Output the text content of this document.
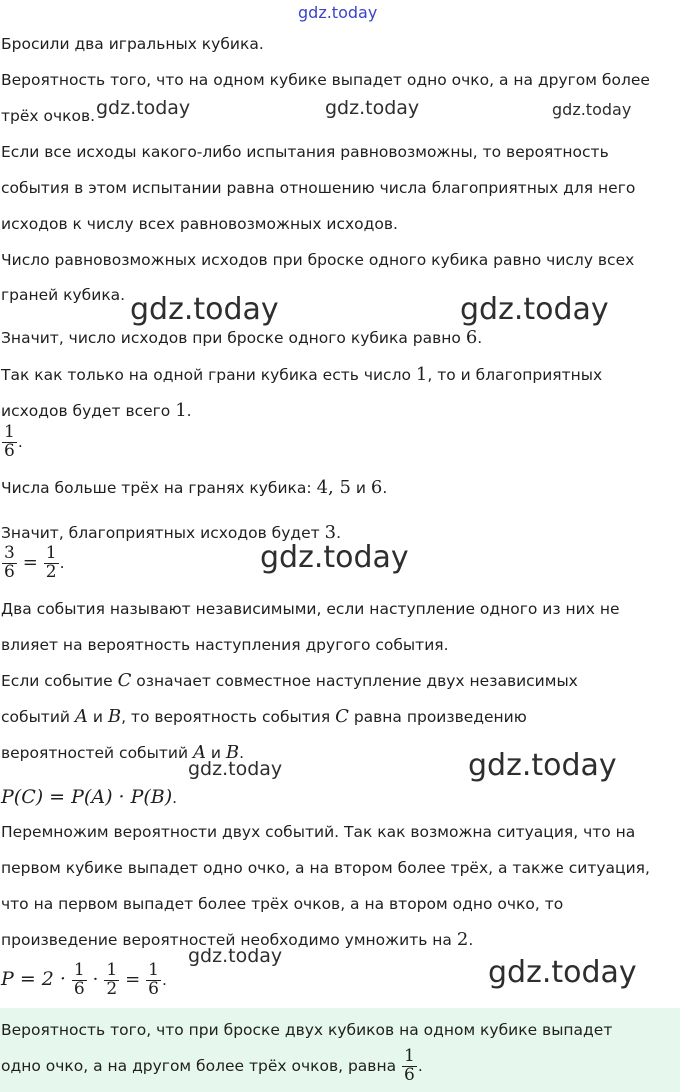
gdz.today
gdz.today	gdz.today	gdz.today
gdz.today	gdz.today
gdz.today
gdz.today	gdz.today
gdz.today	gdz.today
Бросили два игральных кубика.
Вероятность того, что на одном кубике выпадет одно очко, а на другом более
трёх очков.
Если все исходы какого-либо испытания равновозможны, то вероятность
события в этом испытании равна отношению числа благоприятных для него
исходов к числу всех равновозможных исходов.
Число равновозможных исходов при броске одного кубика равно числу всех
граней кубика.
Значит, число исходов при броске одного кубика равно 6.
Так как только на одной грани кубика есть число 1, то и благоприятных
исходов будет всего 1.
$\frac{1}{6}$ .
Числа больше трёх на гранях кубика: 4, 5 и 6.
Значит, благоприятных исходов будет 3.
$\frac{3}{6} = \frac{1}{2}$ .
Два события называют независимыми, если наступление одного из них не
влияет на вероятность наступления другого события.
Если событие C означает совместное наступление двух независимых
событий A и B, то вероятность события C равна произведению
вероятностей событий A и B.
P(C) = P(A) · P(B).
Перемножим вероятности двух событий. Так как возможна ситуация, что на
первом кубике выпадет одно очко, а на втором более трёх, а также ситуация,
что на первом выпадет более трёх очков, а на втором одно очко, то
произведение вероятностей необходимо умножить на 2.
$P = 2 \cdot \frac{1}{6} \cdot \frac{1}{2} = \frac{1}{6}$ .
Вероятность того, что при броске двух кубиков на одном кубике выпадет
одно очко, а на другом более трёх очков, равна $\frac{1}{6}$ .
